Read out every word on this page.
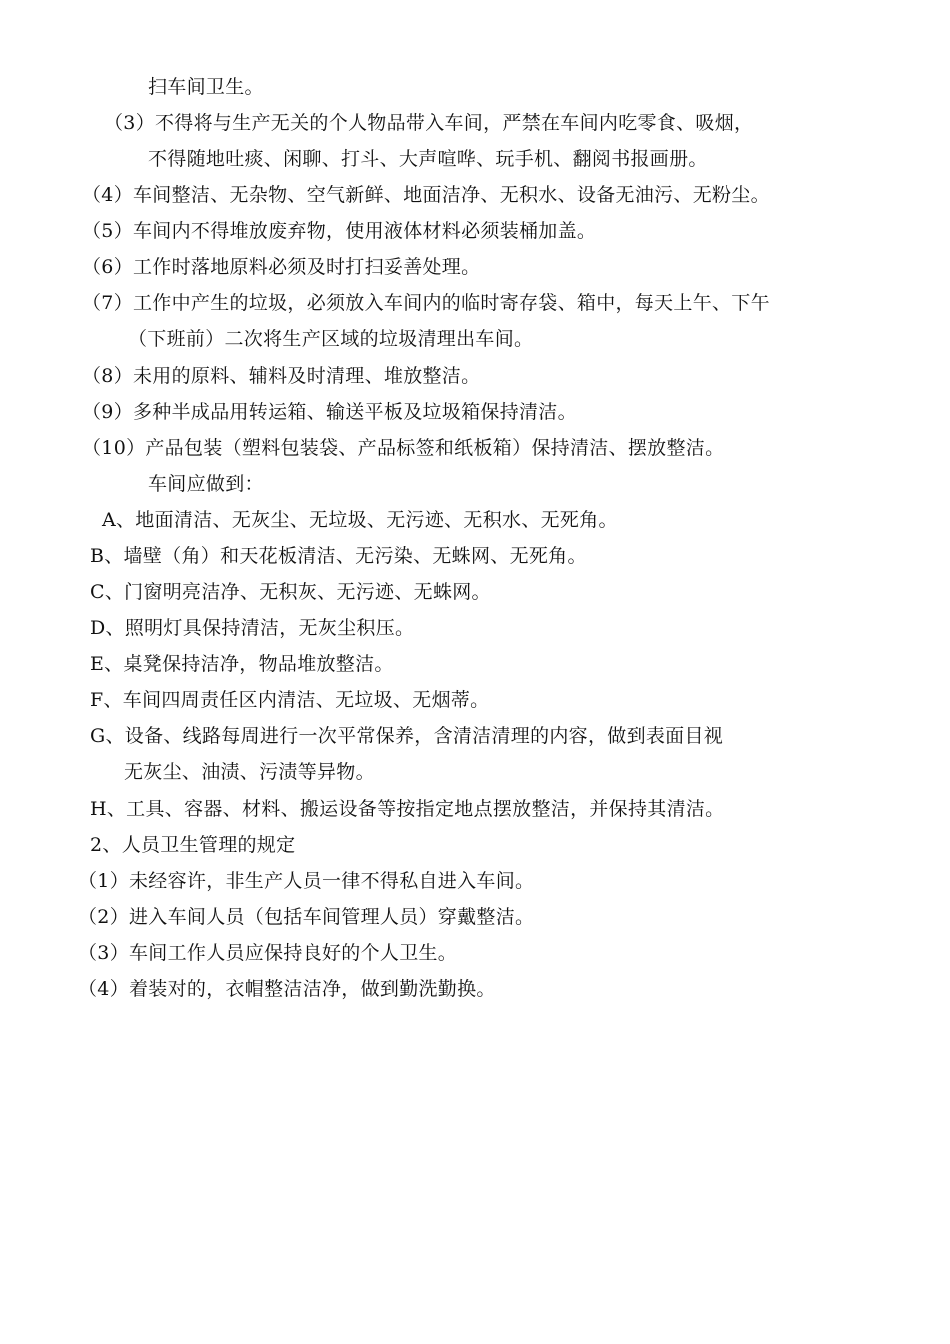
扫车间卫生。
（3）不得将与生产无关的个人物品带入车间，严禁在车间内吃零食、吸烟，
不得随地吐痰、闲聊、打斗、大声喧哗、玩手机、翻阅书报画册。
（4）车间整洁、无杂物、空气新鲜、地面洁净、无积水、设备无油污、无粉尘。
（5）车间内不得堆放废弃物，使用液体材料必须装桶加盖。
（6）工作时落地原料必须及时打扫妥善处理。
（7）工作中产生的垃圾，必须放入车间内的临时寄存袋、箱中，每天上午、下午
（下班前）二次将生产区域的垃圾清理出车间。
（8）未用的原料、辅料及时清理、堆放整洁。
（9）多种半成品用转运箱、输送平板及垃圾箱保持清洁。
（10）产品包装（塑料包装袋、产品标签和纸板箱）保持清洁、摆放整洁。
车间应做到：
A、地面清洁、无灰尘、无垃圾、无污迹、无积水、无死角。
B、墙壁（角）和天花板清洁、无污染、无蛛网、无死角。
C、门窗明亮洁净、无积灰、无污迹、无蛛网。
D、照明灯具保持清洁，无灰尘积压。
E、桌凳保持洁净，物品堆放整洁。
F、车间四周责任区内清洁、无垃圾、无烟蒂。
G、设备、线路每周进行一次平常保养，含清洁清理的内容，做到表面目视
无灰尘、油渍、污渍等异物。
H、工具、容器、材料、搬运设备等按指定地点摆放整洁，并保持其清洁。
2、人员卫生管理的规定
（1）未经容许，非生产人员一律不得私自进入车间。
（2）进入车间人员（包括车间管理人员）穿戴整洁。
（3）车间工作人员应保持良好的个人卫生。
（4）着装对的，衣帽整洁洁净，做到勤洗勤换。
